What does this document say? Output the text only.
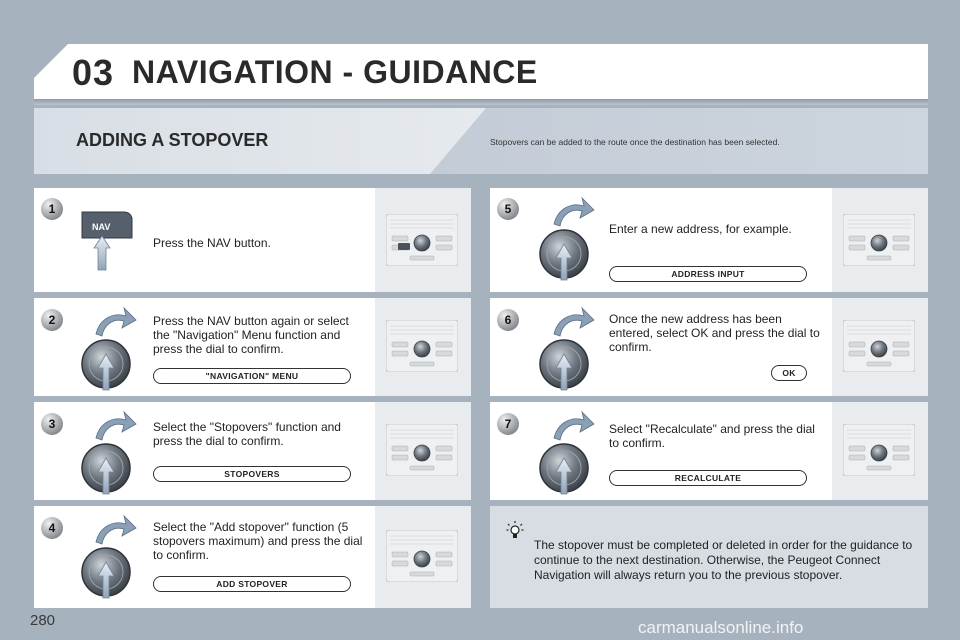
03 NAVIGATION - GUIDANCE
ADDING A STOPOVER	Stopovers can be added to the route once the destination has been selected.
1
NAV
Press the NAV button.
2	Press the NAV button again or select the "Navigation" Menu function and press the dial to confirm.
"NAVIGATION" MENU
3	Select the "Stopovers" function and press the dial to confirm.
STOPOVERS
4	Select the "Add stopover" function (5 stopovers maximum) and press the dial to confirm.
ADD STOPOVER
5
Enter a new address, for example.
ADDRESS INPUT
6	Once the new address has been entered, select OK and press the dial to confirm.
OK
7	Select "Recalculate" and press the dial to confirm.
RECALCULATE
The stopover must be completed or deleted in order for the guidance to continue to the next destination. Otherwise, the Peugeot Connect Navigation will always return you to the previous stopover.
280	carmanualsonline.info
